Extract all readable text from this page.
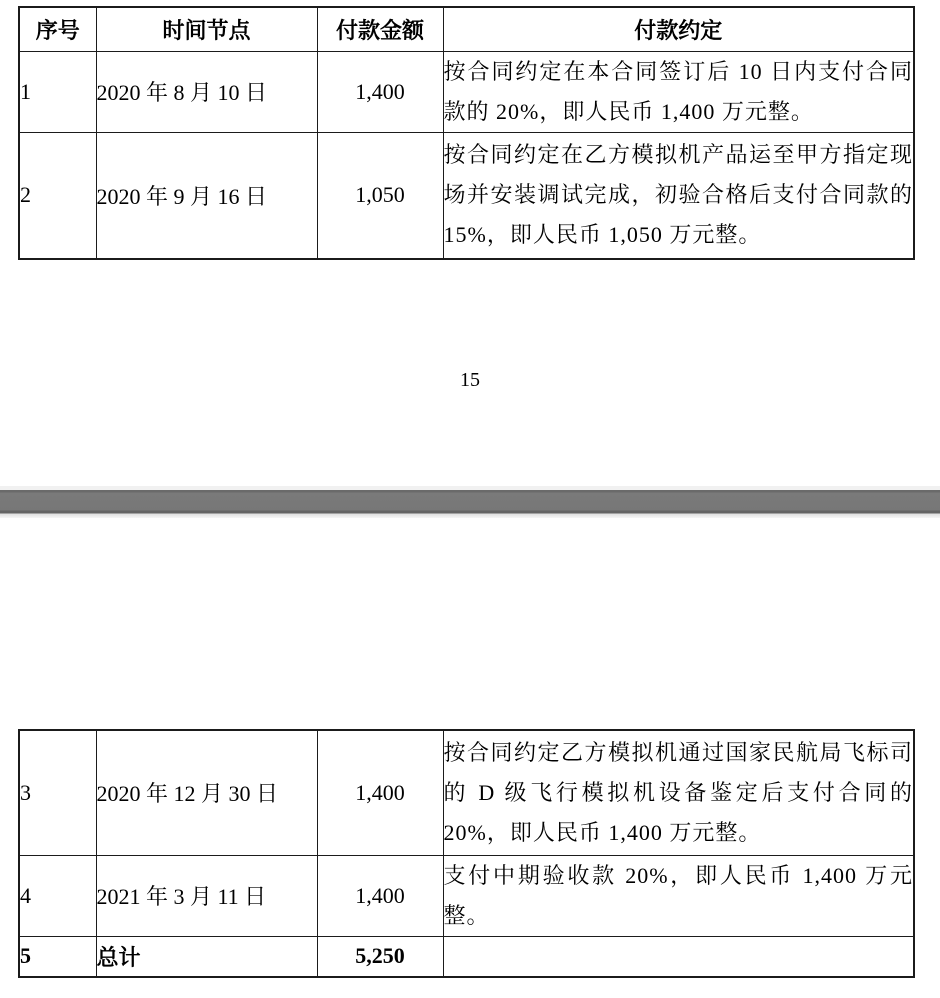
序号	时间节点	付款金额	付款约定
1	2020 年 8 月 10 日	1,400	按合同约定在本合同签订后 10 日内支付合同款的 20%，即人民币 1,400 万元整。
2	2020 年 9 月 16 日	1,050	按合同约定在乙方模拟机产品运至甲方指定现场并安装调试完成，初验合格后支付合同款的 15%，即人民币 1,050 万元整。
15
3	2020 年 12 月 30 日	1,400	按合同约定乙方模拟机通过国家民航局飞标司的 D 级飞行模拟机设备鉴定后支付合同的 20%，即人民币 1,400 万元整。
4	2021 年 3 月 11 日	1,400	支付中期验收款 20%，即人民币 1,400 万元整。
5	总计	5,250	
